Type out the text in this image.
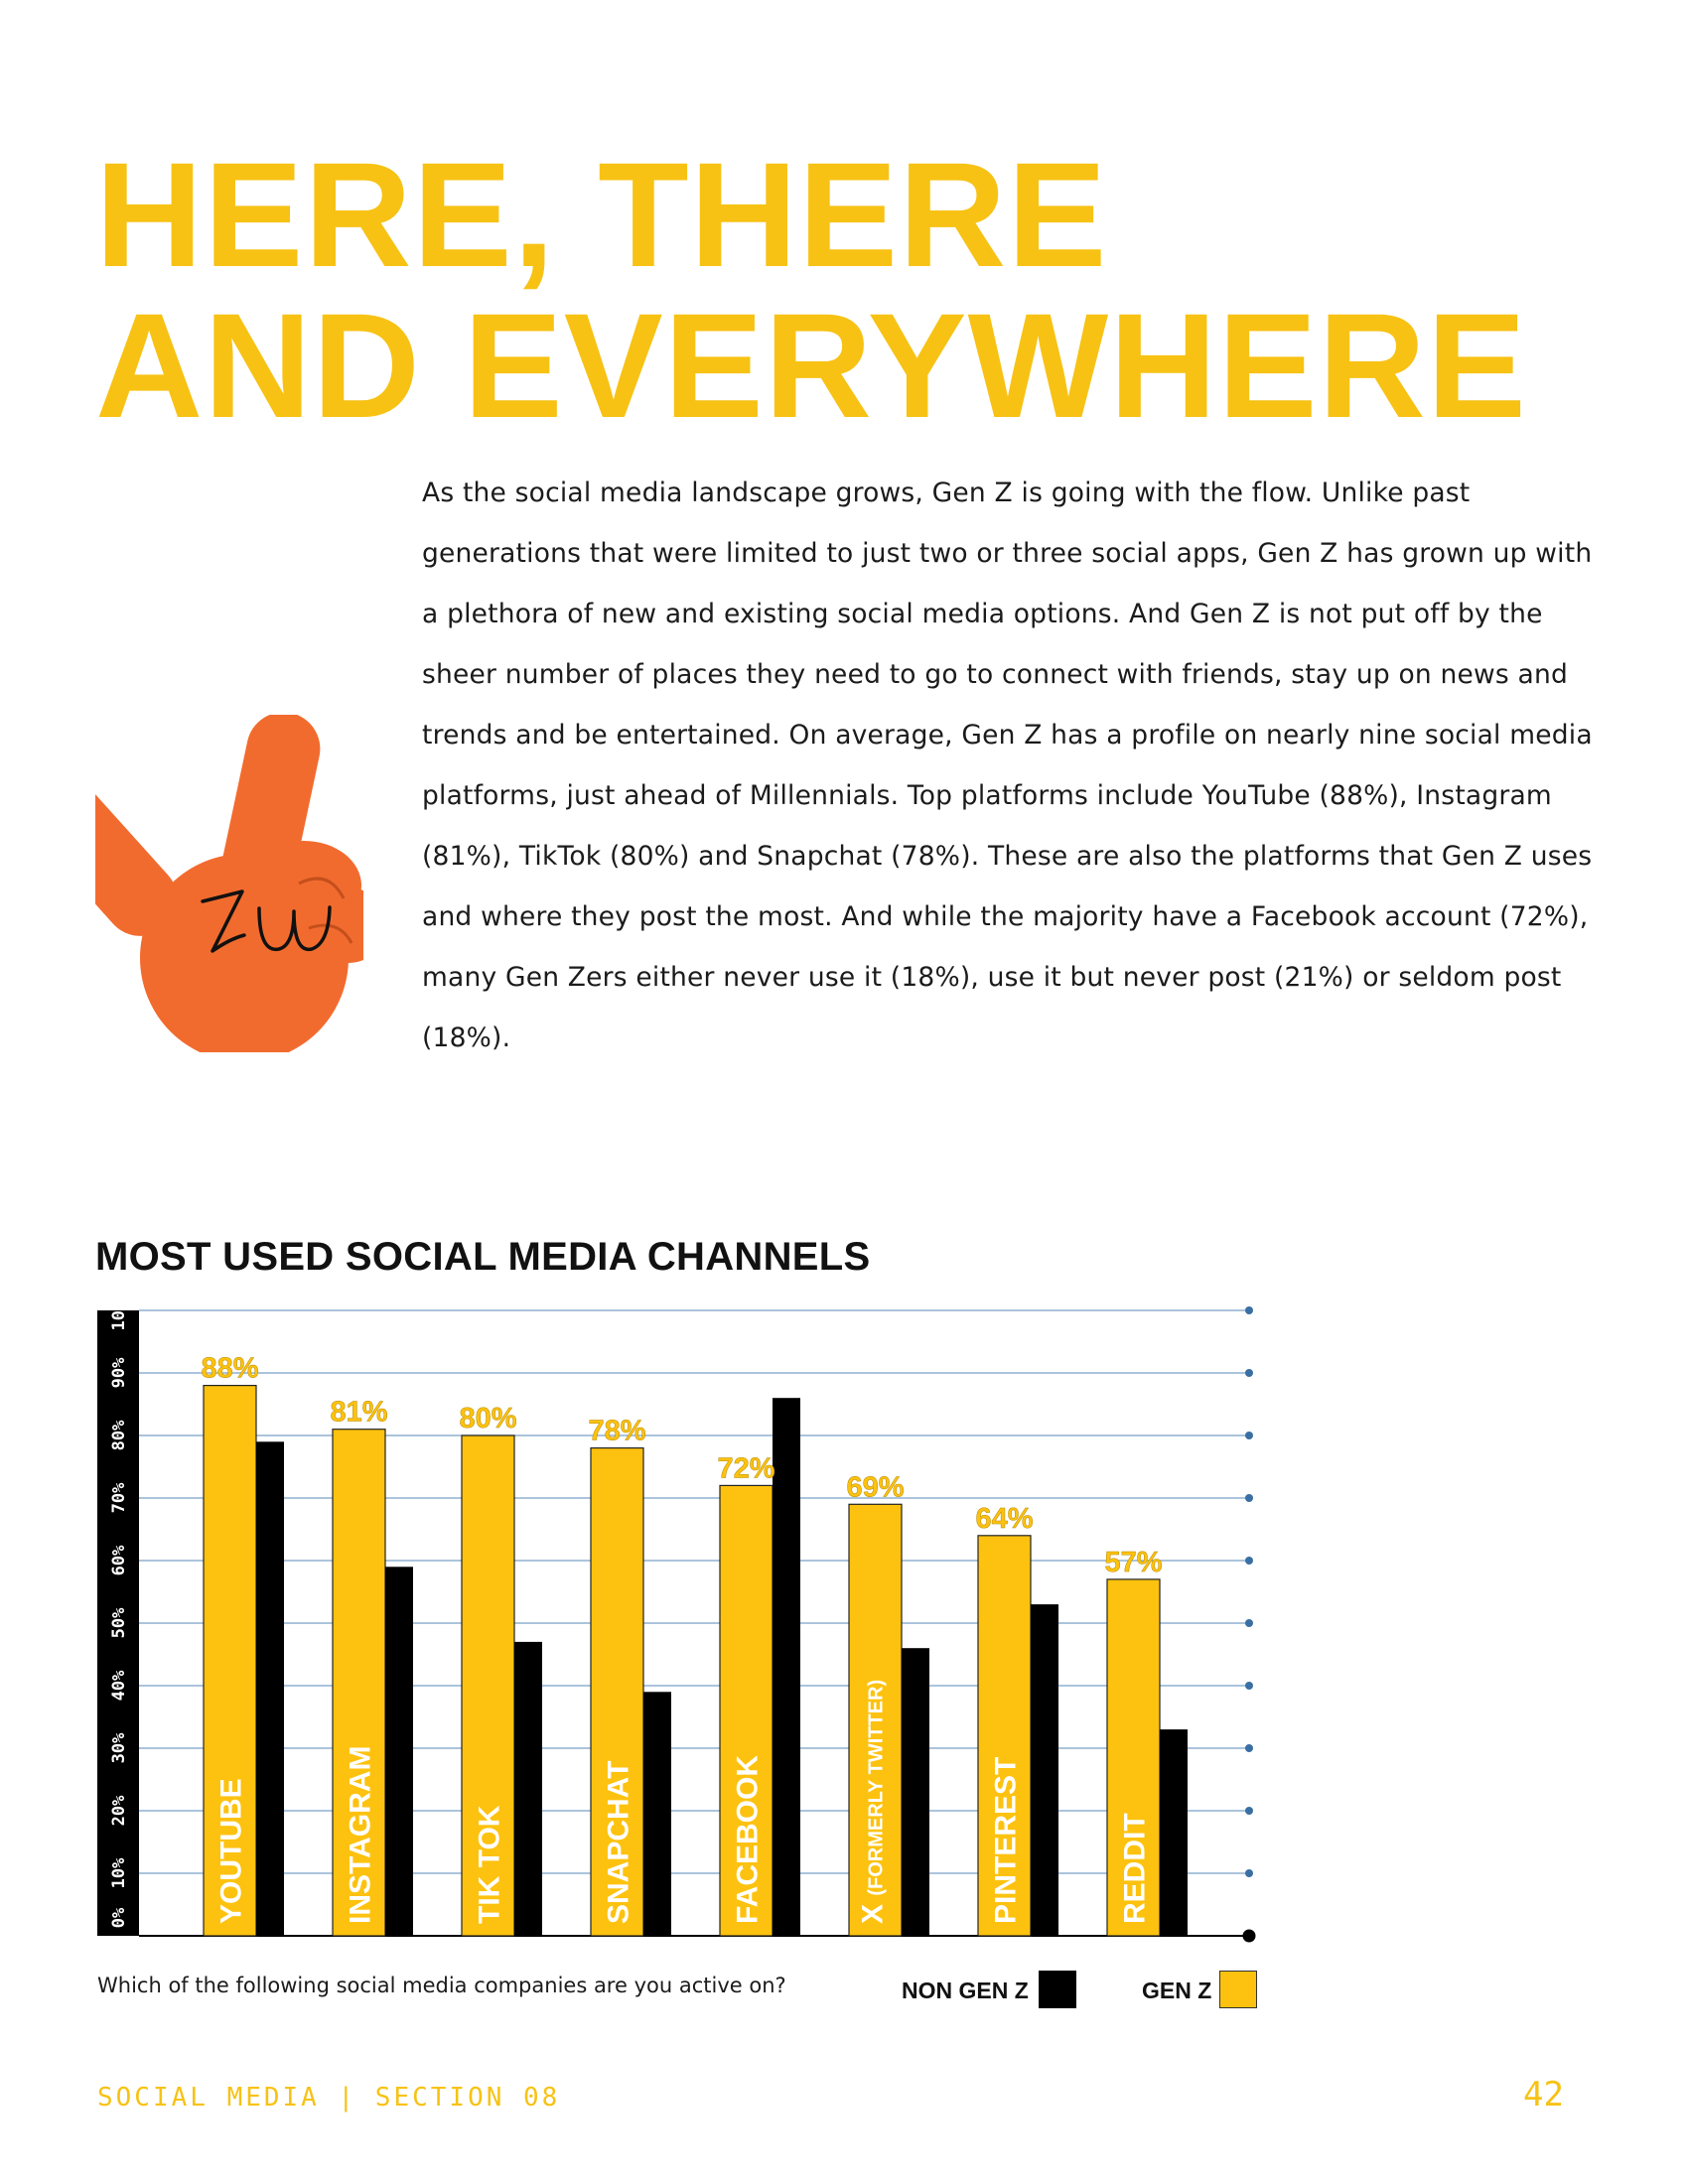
HERE, THERE
AND EVERYWHERE

As the social media landscape grows, Gen Z is going with the flow. Unlike past generations that were limited to just two or three social apps, Gen Z has grown up with a plethora of new and existing social media options. And Gen Z is not put off by the sheer number of places they need to go to connect with friends, stay up on news and trends and be entertained. On average, Gen Z has a profile on nearly nine social media platforms, just ahead of Millennials. Top platforms include YouTube (88%), Instagram (81%), TikTok (80%) and Snapchat (78%). These are also the platforms that Gen Z uses and where they post the most. And while the majority have a Facebook account (72%), many Gen Zers either never use it (18%), use it but never post (21%) or seldom post (18%).

MOST USED SOCIAL MEDIA CHANNELS
0%
10%
20%
30%
40%
50%
60%
70%
80%
90%
100%
88%
YOUTUBE
81%
INSTAGRAM
80%
TIK TOK
78%
SNAPCHAT
72%
FACEBOOK
69%
X (FORMERLY TWITTER)
64%
PINTEREST
57%
REDDIT
Which of the following social media companies are you active on?	NON GEN Z	GEN Z
SOCIAL MEDIA | SECTION 08	42
